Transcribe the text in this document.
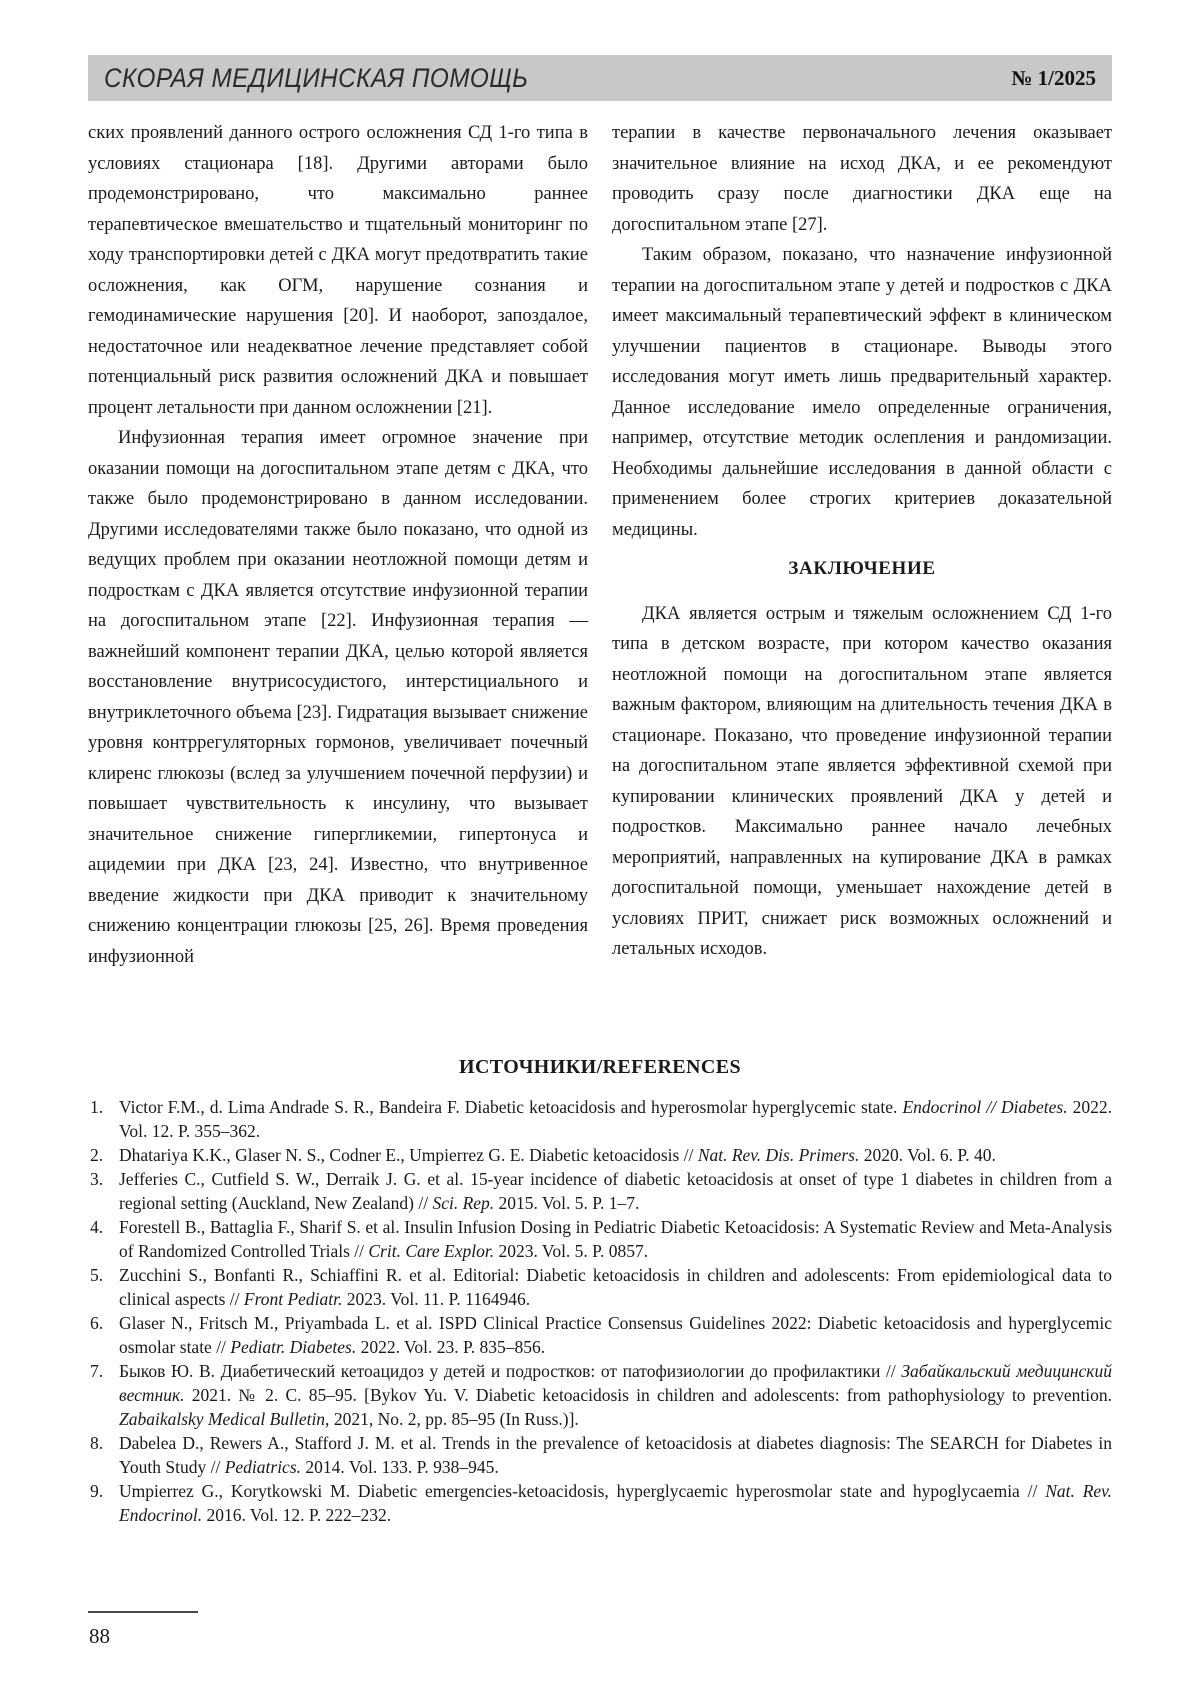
СКОРАЯ МЕДИЦИНСКАЯ ПОМОЩЬ	№ 1/2025

ских проявлений данного острого осложнения СД 1-го типа в условиях стационара [18]. Другими авторами было продемонстрировано, что максимально раннее терапевтическое вмешательство и тщательный мониторинг по ходу транспортировки детей с ДКА могут предотвратить такие осложнения, как ОГМ, нарушение сознания и гемодинамические нарушения [20]. И наоборот, запоздалое, недостаточное или неадекватное лечение представляет собой потенциальный риск развития осложнений ДКА и повышает процент летальности при данном осложнении [21].

Инфузионная терапия имеет огромное значение при оказании помощи на догоспитальном этапе детям с ДКА, что также было продемонстрировано в данном исследовании. Другими исследователями также было показано, что одной из ведущих проблем при оказании неотложной помощи детям и подросткам с ДКА является отсутствие инфузионной терапии на догоспитальном этапе [22]. Инфузионная терапия — важнейший компонент терапии ДКА, целью которой является восстановление внутрисосудистого, интерстициального и внутриклеточного объема [23]. Гидратация вызывает снижение уровня контррегуляторных гормонов, увеличивает почечный клиренс глюкозы (вслед за улучшением почечной перфузии) и повышает чувствительность к инсулину, что вызывает значительное снижение гипергликемии, гипертонуса и ацидемии при ДКА [23, 24]. Известно, что внутривенное введение жидкости при ДКА приводит к значительному снижению концентрации глюкозы [25, 26]. Время проведения инфузионной

терапии в качестве первоначального лечения оказывает значительное влияние на исход ДКА, и ее рекомендуют проводить сразу после диагностики ДКА еще на догоспитальном этапе [27].

Таким образом, показано, что назначение инфузионной терапии на догоспитальном этапе у детей и подростков с ДКА имеет максимальный терапевтический эффект в клиническом улучшении пациентов в стационаре. Выводы этого исследования могут иметь лишь предварительный характер. Данное исследование имело определенные ограничения, например, отсутствие методик ослепления и рандомизации. Необходимы дальнейшие исследования в данной области с применением более строгих критериев доказательной медицины.

ЗАКЛЮЧЕНИЕ

ДКА является острым и тяжелым осложнением СД 1-го типа в детском возрасте, при котором качество оказания неотложной помощи на догоспитальном этапе является важным фактором, влияющим на длительность течения ДКА в стационаре. Показано, что проведение инфузионной терапии на догоспитальном этапе является эффективной схемой при купировании клинических проявлений ДКА у детей и подростков. Максимально раннее начало лечебных мероприятий, направленных на купирование ДКА в рамках догоспитальной помощи, уменьшает нахождение детей в условиях ПРИТ, снижает риск возможных осложнений и летальных исходов.

ИСТОЧНИКИ/REFERENCES
1. Victor F.M., d. Lima Andrade S. R., Bandeira F. Diabetic ketoacidosis and hyperosmolar hyperglycemic state. Endocrinol // Diabetes. 2022. Vol. 12. P. 355–362.
2. Dhatariya K.K., Glaser N. S., Codner E., Umpierrez G. E. Diabetic ketoacidosis // Nat. Rev. Dis. Primers. 2020. Vol. 6. P. 40.
3. Jefferies C., Cutfield S. W., Derraik J. G. et al. 15-year incidence of diabetic ketoacidosis at onset of type 1 diabetes in children from a regional setting (Auckland, New Zealand) // Sci. Rep. 2015. Vol. 5. P. 1–7.
4. Forestell B., Battaglia F., Sharif S. et al. Insulin Infusion Dosing in Pediatric Diabetic Ketoacidosis: A Systematic Review and Meta-Analysis of Randomized Controlled Trials // Crit. Care Explor. 2023. Vol. 5. P. 0857.
5. Zucchini S., Bonfanti R., Schiaffini R. et al. Editorial: Diabetic ketoacidosis in children and adolescents: From epidemiological data to clinical aspects // Front Pediatr. 2023. Vol. 11. P. 1164946.
6. Glaser N., Fritsch M., Priyambada L. et al. ISPD Clinical Practice Consensus Guidelines 2022: Diabetic ketoacidosis and hyperglycemic osmolar state // Pediatr. Diabetes. 2022. Vol. 23. P. 835–856.
7. Быков Ю. В. Диабетический кетоацидоз у детей и подростков: от патофизиологии до профилактики // Забайкальский медицинский вестник. 2021. № 2. С. 85–95. [Bykov Yu. V. Diabetic ketoacidosis in children and adolescents: from pathophysiology to prevention. Zabaikalsky Medical Bulletin, 2021, No. 2, pp. 85–95 (In Russ.)].
8. Dabelea D., Rewers A., Stafford J. M. et al. Trends in the prevalence of ketoacidosis at diabetes diagnosis: The SEARCH for Diabetes in Youth Study // Pediatrics. 2014. Vol. 133. P. 938–945.
9. Umpierrez G., Korytkowski M. Diabetic emergencies-ketoacidosis, hyperglycaemic hyperosmolar state and hypoglycaemia // Nat. Rev. Endocrinol. 2016. Vol. 12. P. 222–232.
88
